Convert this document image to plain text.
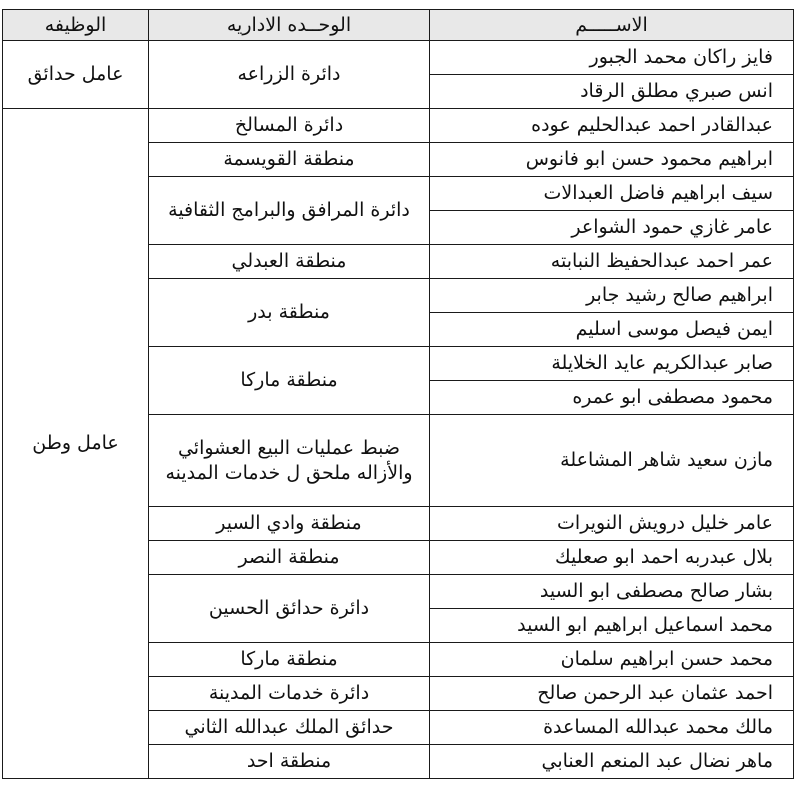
الاســـــم	الوحــده الاداريه	الوظيفه
فايز راكان محمد الجبور	دائرة الزراعه	عامل حدائق
انس صبري مطلق الرقاد		
عبدالقادر احمد عبدالحليم عوده	دائرة المسالخ	عامل وطن
ابراهيم محمود حسن ابو فانوس	منطقة القويسمة	
سيف ابراهيم فاضل العبدالات	دائرة المرافق والبرامج الثقافية	
عامر غازي حمود الشواعر		
عمر احمد عبدالحفيظ النبابته	منطقة العبدلي	
ابراهيم صالح رشيد جابر	منطقة بدر	
ايمن فيصل موسى اسليم		
صابر عبدالكريم عايد الخلايلة	منطقة ماركا	
محمود مصطفى ابو عمره		
مازن سعيد شاهر المشاعلة	ضبط عمليات البيع العشوائي والأزاله ملحق ل خدمات المدينه	
عامر خليل درويش النويرات	منطقة وادي السير	
بلال عبدربه احمد ابو صعليك	منطقة النصر	
بشار صالح مصطفى ابو السيد	دائرة حدائق الحسين	
محمد اسماعيل ابراهيم ابو السيد		
محمد حسن ابراهيم سلمان	منطقة ماركا	
احمد عثمان عبد الرحمن صالح	دائرة خدمات المدينة	
مالك محمد عبدالله المساعدة	حدائق الملك عبدالله الثاني	
ماهر نضال عبد المنعم العنابي	منطقة احد	
